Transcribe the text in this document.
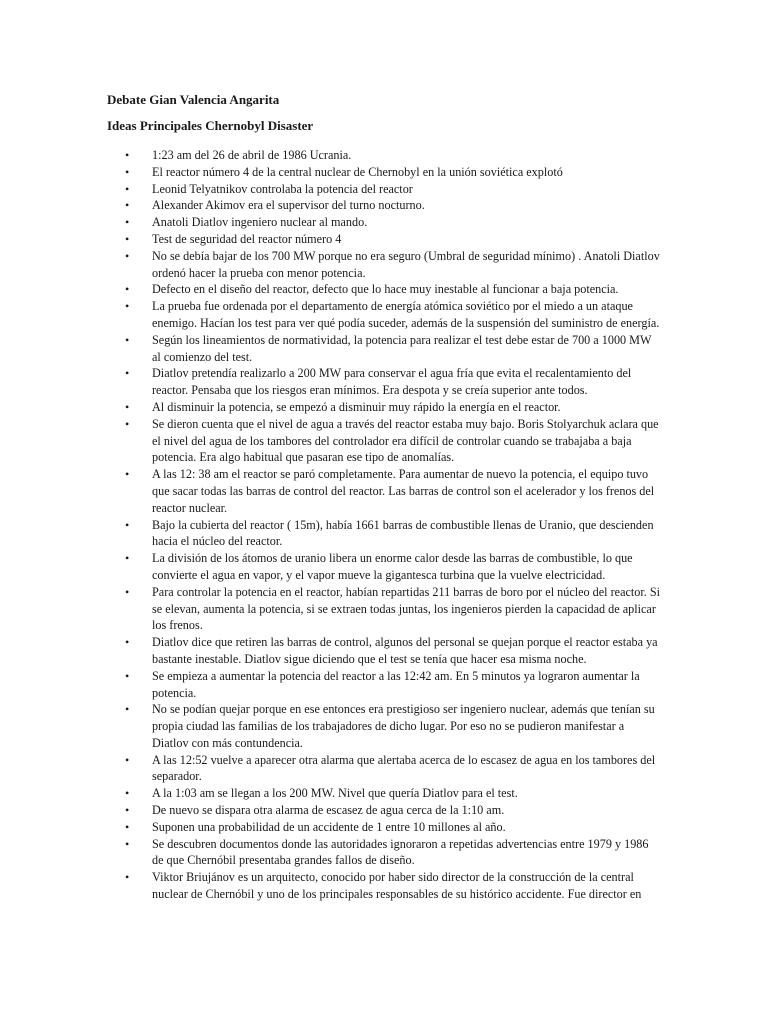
Debate Gian Valencia Angarita

Ideas Principales Chernobyl Disaster

• 1:23 am del 26 de abril de 1986 Ucrania.
• El reactor número 4 de la central nuclear de Chernobyl en la unión soviética explotó
• Leonid Telyatnikov controlaba la potencia del reactor
• Alexander Akimov era el supervisor del turno nocturno.
• Anatoli Diatlov ingeniero nuclear al mando.
• Test de seguridad del reactor número 4
• No se debía bajar de los 700 MW porque no era seguro (Umbral de seguridad mínimo) . Anatoli Diatlov ordenó hacer la prueba con menor potencia.
• Defecto en el diseño del reactor, defecto que lo hace muy inestable al funcionar a baja potencia.
• La prueba fue ordenada por el departamento de energía atómica soviético por el miedo a un ataque enemigo. Hacían los test para ver qué podía suceder, además de la suspensión del suministro de energía.
• Según los lineamientos de normatividad, la potencia para realizar el test debe estar de 700 a 1000 MW al comienzo del test.
• Diatlov pretendía realizarlo a 200 MW para conservar el agua fría que evita el recalentamiento del reactor. Pensaba que los riesgos eran mínimos. Era despota y se creía superior ante todos.
• Al disminuir la potencia, se empezó a disminuir muy rápido la energía en el reactor.
• Se dieron cuenta que el nivel de agua a través del reactor estaba muy bajo. Boris Stolyarchuk aclara que el nivel del agua de los tambores del controlador era difícil de controlar cuando se trabajaba a baja potencia. Era algo habitual que pasaran ese tipo de anomalías.
• A las 12: 38 am el reactor se paró completamente. Para aumentar de nuevo la potencia, el equipo tuvo que sacar todas las barras de control del reactor. Las barras de control son el acelerador y los frenos del reactor nuclear.
• Bajo la cubierta del reactor ( 15m), había 1661 barras de combustible llenas de Uranio, que descienden hacia el núcleo del reactor.
• La división de los átomos de uranio libera un enorme calor desde las barras de combustible, lo que convierte el agua en vapor, y el vapor mueve la gigantesca turbina que la vuelve electricidad.
• Para controlar la potencia en el reactor, habían repartidas 211 barras de boro por el núcleo del reactor. Si se elevan, aumenta la potencia, si se extraen todas juntas, los ingenieros pierden la capacidad de aplicar los frenos.
• Diatlov dice que retiren las barras de control, algunos del personal se quejan porque el reactor estaba ya bastante inestable. Diatlov sigue diciendo que el test se tenía que hacer esa misma noche.
• Se empieza a aumentar la potencia del reactor a las 12:42 am. En 5 minutos ya lograron aumentar la potencia.
• No se podían quejar porque en ese entonces era prestigioso ser ingeniero nuclear, además que tenían su propia ciudad las familias de los trabajadores de dicho lugar. Por eso no se pudieron manifestar a Diatlov con más contundencia.
• A las 12:52 vuelve a aparecer otra alarma que alertaba acerca de lo escasez de agua en los tambores del separador.
• A la 1:03 am se llegan a los 200 MW. Nivel que quería Diatlov para el test.
• De nuevo se dispara otra alarma de escasez de agua cerca de la 1:10 am.
• Suponen una probabilidad de un accidente de 1 entre 10 millones al año.
• Se descubren documentos donde las autoridades ignoraron a repetidas advertencias entre 1979 y 1986 de que Chernóbil presentaba grandes fallos de diseño.
• Viktor Briujánov es un arquitecto, conocido por haber sido director de la construcción de la central nuclear de Chernóbil y uno de los principales responsables de su histórico accidente. Fue director en
